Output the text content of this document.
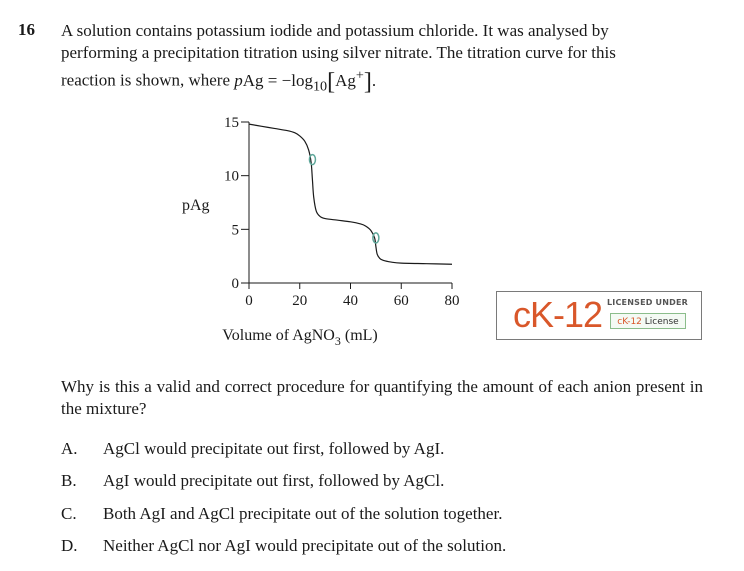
16 A solution contains potassium iodide and potassium chloride. It was analysed by
performing a precipitation titration using silver nitrate. The titration curve for this
reaction is shown, where pAg = $-\log_{10}[Ag^+]$.
pAg
Volume of AgNO$_3$ (mL)
0	20 40 60 80
0
5
10
15
cK-12 LICENSED UNDER
cK-12 License
Why is this a valid and correct procedure for quantifying the amount of each anion present in the mixture?
A. AgCl would precipitate out first, followed by AgI.
B. AgI would precipitate out first, followed by AgCl.
C. Both AgI and AgCl precipitate out of the solution together.
D. Neither AgCl nor AgI would precipitate out of the solution.
